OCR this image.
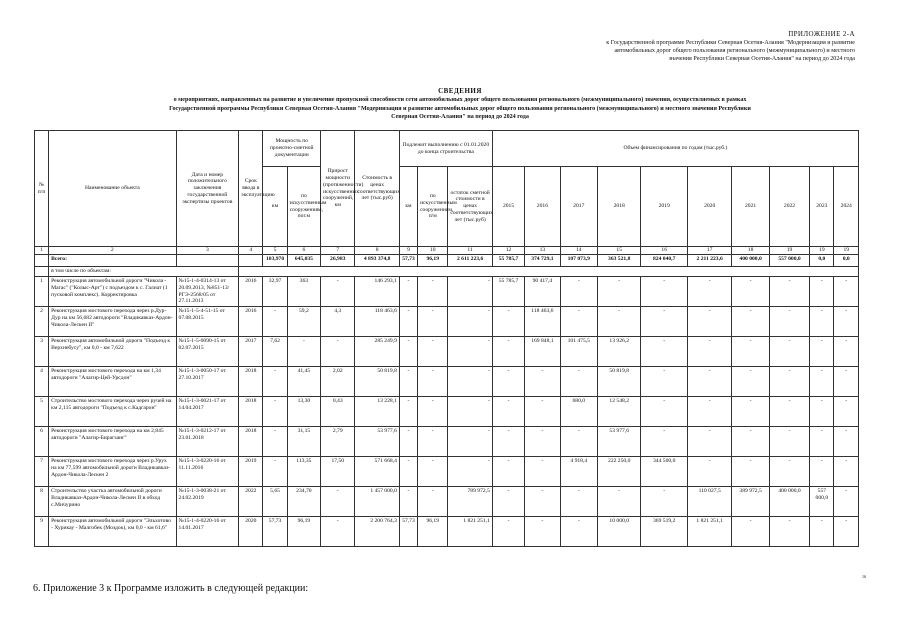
ПРИЛОЖЕНИЕ 2-А
к Государственной программе Республики Северная Осетия-Алания "Модернизация и развитие
автомобильных дорог общего пользования регионального (межмуниципального) и местного
значения Республики Северная Осетия-Алания" на период до 2024 года
СВЕДЕНИЯ
о мероприятиях, направленных на развитие и увеличение пропускной способности сети автомобильных дорог общего пользования регионального (межмуниципального) значения, осуществляемых в рамках
Государственной программы Республики Северная Осетия-Алания "Модернизация и развитие автомобильных дорог общего пользования регионального (межмуниципального) и местного значения Республики
Северная Осетия-Алания" на период до 2024 года
№ п/п	Наименование объекта	Дата и номер положительного заключения государственной экспертизы проектов	Срок ввода в эксплуатацию	Мощность по проектно-сметной документации		Прирост мощности (протяженности) искусственных сооружений, км	Стоимость в ценах соответствующих лет (тыс.руб)	Подлежит выполнению с 01.01.2020 до конца строительства			Объем финансирования по годам (тыс.руб.)									
				км	по искусственным сооружениям, пог.м			км	по искусственным сооружениям, п/м	остаток сметной стоимости в ценах соответствующих лет (тыс.руб)	2015	2016	2017	2018	2019	2020	2021	2022	2023	2024
1	2	3	4	5	6	7	8	9	10	11	12	13	14	15	16	17	18	19	19	19
	Всего:			103,970	645,035	26,983	4 893 374,8	57,73	96,19	2 611 223,6	55 785,7	374 729,1	107 073,9	363 521,8	824 040,7	2 211 223,6	400 000,0	557 000,0	0,0	0,0
	в том числе по объектам:																			
1	Реконструкция автомобильной дороги "Чикола - Магас" ("Колыс-Арт") с подъездом к с. Галиат (1 пусковой комплекс). Корректировка	№15-1-4-0314-13 от 20.09.2013, №851-13/РГЭ-2568/05 от 27.11.2013	2016	32,97	363	-	146 293,1	-	-	-	55 785,7	90 417,4	-	-	-	-	-	-	-	-
2	Реконструкция мостового перехода через р.Дур-Дур на км 56,682 автодороги "Владикавказ-Ардон-Чикола-Лескен II"	№15-1-5-4-51-15 от 07.08.2015	2016	-	59,2	4,3	118 463,6	-	-	-	-	118 463,6	-	-	-	-	-	-	-	-
3	Реконструкция автомобильной дороги "Подъезд к Верхнебусу", км 0,0 - км 7,622	№15-1-5-0090-15 от 02.07.2015	2017	7,62	-	-	285 249,9	-	-	-	-	169 848,1	101 475,5	13 926,2	-	-	-	-	-	-
4	Реконструкция мостового перехода на км 1,34 автодороги "Алагир-Цей-Урсдон"	№15-1-3-0050-17 от 27.10.2017	2018	-	41,45	2,02	50 819,8	-	-	-	-	-	-	50 819,8	-	-	-	-	-	-
5	Строительство мостового перехода через ручей на км 2,115 автодороги "Подъезд к с.Кадгарон"	№15-1-3-0021-17 от 14.04.2017	2018	-	13,30	0,43	13 228,1	-	-	-	-	-	680,0	12 548,2	-	-	-	-	-	-
6	Реконструкция мостового перехода на км 2,845 автодороги "Алагир-Бирагзанг"	№15-1-3-0212-17 от 23.01.2018	2018	-	31,15	2,79	53 977,6	-	-	-	-	-	-	53 977,6	-	-	-	-	-	-
7	Реконструкция мостового перехода через р.Урух на км 77,599 автомобильной дороги Владикавказ-Ардон-Чикола-Лескен 2	№15-1-3-0220-16 от 11.11.2016	2019	-	113,35	17,50	571 668,4	-	-	-	-	-	4 918,4	222 250,0	344 500,0	-	-	-	-	-
8	Строительство участка автомобильной дороги Владикавказ-Ардон-Чикола-Лескен II в обход с.Мичурино	№15-1-3-0038-21 от 24.02.2019	2022	5,65	234,70	-	1 457 000,0	-	-	789 972,5	-	-	-	-	-	110 027,5	389 972,5	400 000,0	557 000,0	-
9	Реконструкция автомобильной дороги "Эльхотово - Хурикау - Малгобек (Моздок), км 0,0 - км 61,6"	№15-1-4-0220-16 от 14.01.2017	2020	57,73	96,19	-	2 200 764,3	57,73	96,19	1 821 251,1	-	-	-	10 000,0	369 519,2	1 821 251,1	-	-	-	-
16
6. Приложение 3 к Программе изложить в следующей редакции:
